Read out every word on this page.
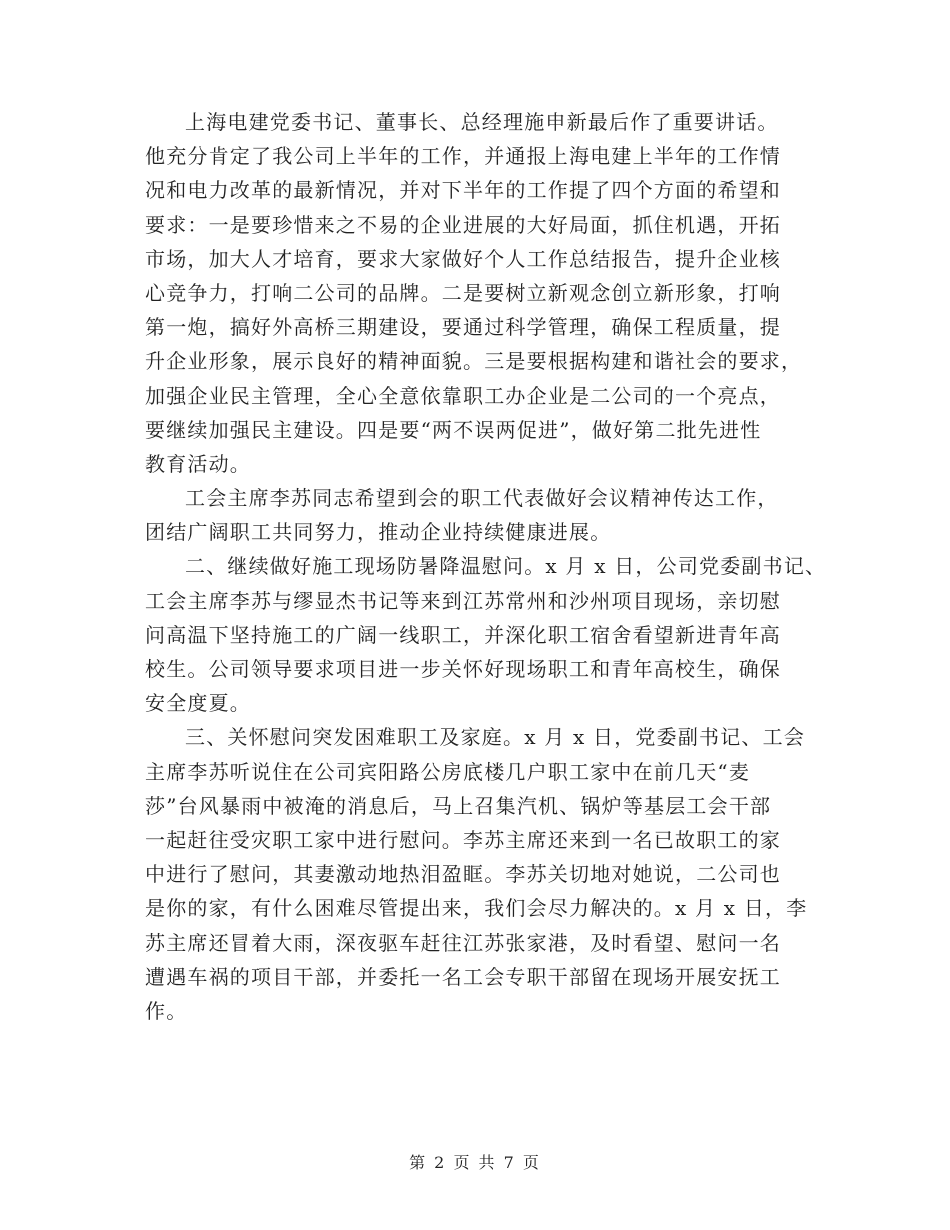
上海电建党委书记、董事长、总经理施申新最后作了重要讲话。
他充分肯定了我公司上半年的工作，并通报上海电建上半年的工作情
况和电力改革的最新情况，并对下半年的工作提了四个方面的希望和
要求：一是要珍惜来之不易的企业进展的大好局面，抓住机遇，开拓
市场，加大人才培育，要求大家做好个人工作总结报告，提升企业核
心竞争力，打响二公司的品牌。二是要树立新观念创立新形象，打响
第一炮，搞好外高桥三期建设，要通过科学管理，确保工程质量，提
升企业形象，展示良好的精神面貌。三是要根据构建和谐社会的要求，
加强企业民主管理，全心全意依靠职工办企业是二公司的一个亮点，
要继续加强民主建设。四是要“两不误两促进”，做好第二批先进性
教育活动。
工会主席李苏同志希望到会的职工代表做好会议精神传达工作，
团结广阔职工共同努力，推动企业持续健康进展。
二、继续做好施工现场防暑降温慰问。x 月 x 日，公司党委副书记、
工会主席李苏与缪显杰书记等来到江苏常州和沙州项目现场，亲切慰
问高温下坚持施工的广阔一线职工，并深化职工宿舍看望新进青年高
校生。公司领导要求项目进一步关怀好现场职工和青年高校生，确保
安全度夏。
三、关怀慰问突发困难职工及家庭。x 月 x 日，党委副书记、工会
主席李苏听说住在公司宾阳路公房底楼几户职工家中在前几天“麦
莎”台风暴雨中被淹的消息后，马上召集汽机、锅炉等基层工会干部
一起赶往受灾职工家中进行慰问。李苏主席还来到一名已故职工的家
中进行了慰问，其妻激动地热泪盈眶。李苏关切地对她说，二公司也
是你的家，有什么困难尽管提出来，我们会尽力解决的。x 月 x 日，李
苏主席还冒着大雨，深夜驱车赶往江苏张家港，及时看望、慰问一名
遭遇车祸的项目干部，并委托一名工会专职干部留在现场开展安抚工
作。
第 2 页 共 7 页
